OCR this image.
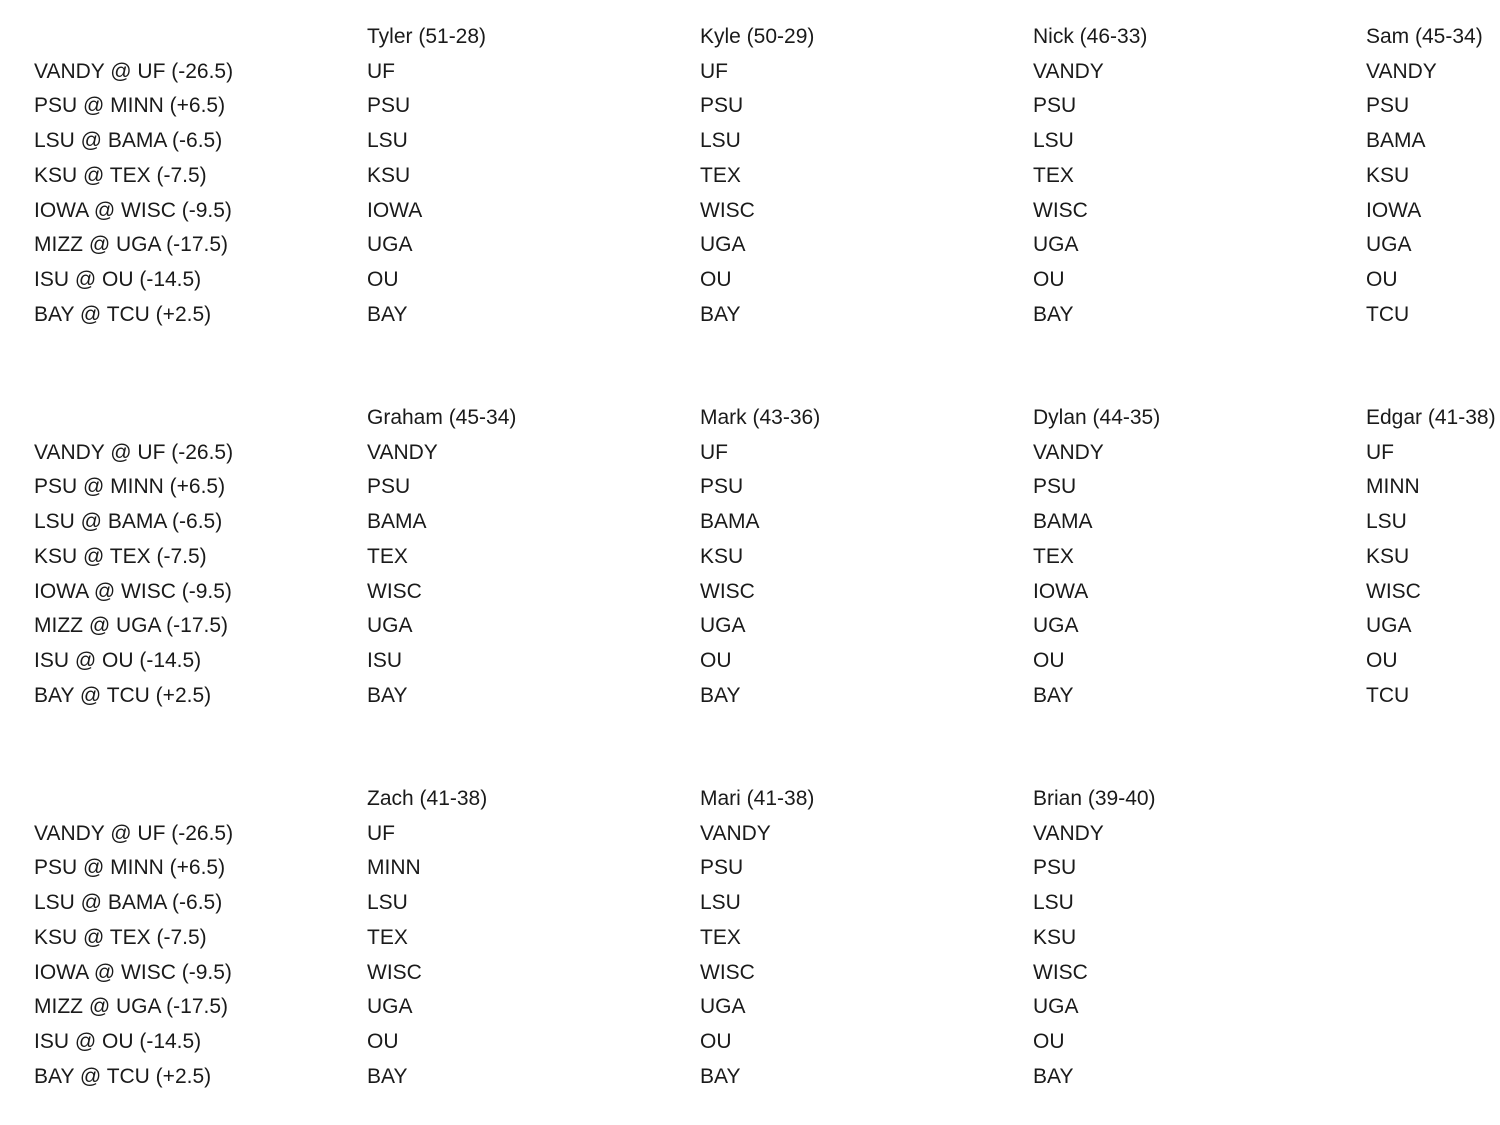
VANDY @ UF (-26.5)
PSU @ MINN (+6.5)
LSU @ BAMA (-6.5)
KSU @ TEX (-7.5)
IOWA @ WISC (-9.5)
MIZZ @ UGA (-17.5)
ISU @ OU (-14.5)
BAY @ TCU (+2.5)
Tyler (51-28)
UF
PSU
LSU
KSU
IOWA
UGA
OU
BAY
Kyle (50-29)
UF
PSU
LSU
TEX
WISC
UGA
OU
BAY
Nick (46-33)
VANDY
PSU
LSU
TEX
WISC
UGA
OU
BAY
Sam (45-34)
VANDY
PSU
BAMA
KSU
IOWA
UGA
OU
TCU
VANDY @ UF (-26.5)
PSU @ MINN (+6.5)
LSU @ BAMA (-6.5)
KSU @ TEX (-7.5)
IOWA @ WISC (-9.5)
MIZZ @ UGA (-17.5)
ISU @ OU (-14.5)
BAY @ TCU (+2.5)
Graham (45-34)
VANDY
PSU
BAMA
TEX
WISC
UGA
ISU
BAY
Mark (43-36)
UF
PSU
BAMA
KSU
WISC
UGA
OU
BAY
Dylan (44-35)
VANDY
PSU
BAMA
TEX
IOWA
UGA
OU
BAY
Edgar (41-38)
UF
MINN
LSU
KSU
WISC
UGA
OU
TCU
VANDY @ UF (-26.5)
PSU @ MINN (+6.5)
LSU @ BAMA (-6.5)
KSU @ TEX (-7.5)
IOWA @ WISC (-9.5)
MIZZ @ UGA (-17.5)
ISU @ OU (-14.5)
BAY @ TCU (+2.5)
Zach (41-38)
UF
MINN
LSU
TEX
WISC
UGA
OU
BAY
Mari (41-38)
VANDY
PSU
LSU
TEX
WISC
UGA
OU
BAY
Brian (39-40)
VANDY
PSU
LSU
KSU
WISC
UGA
OU
BAY
